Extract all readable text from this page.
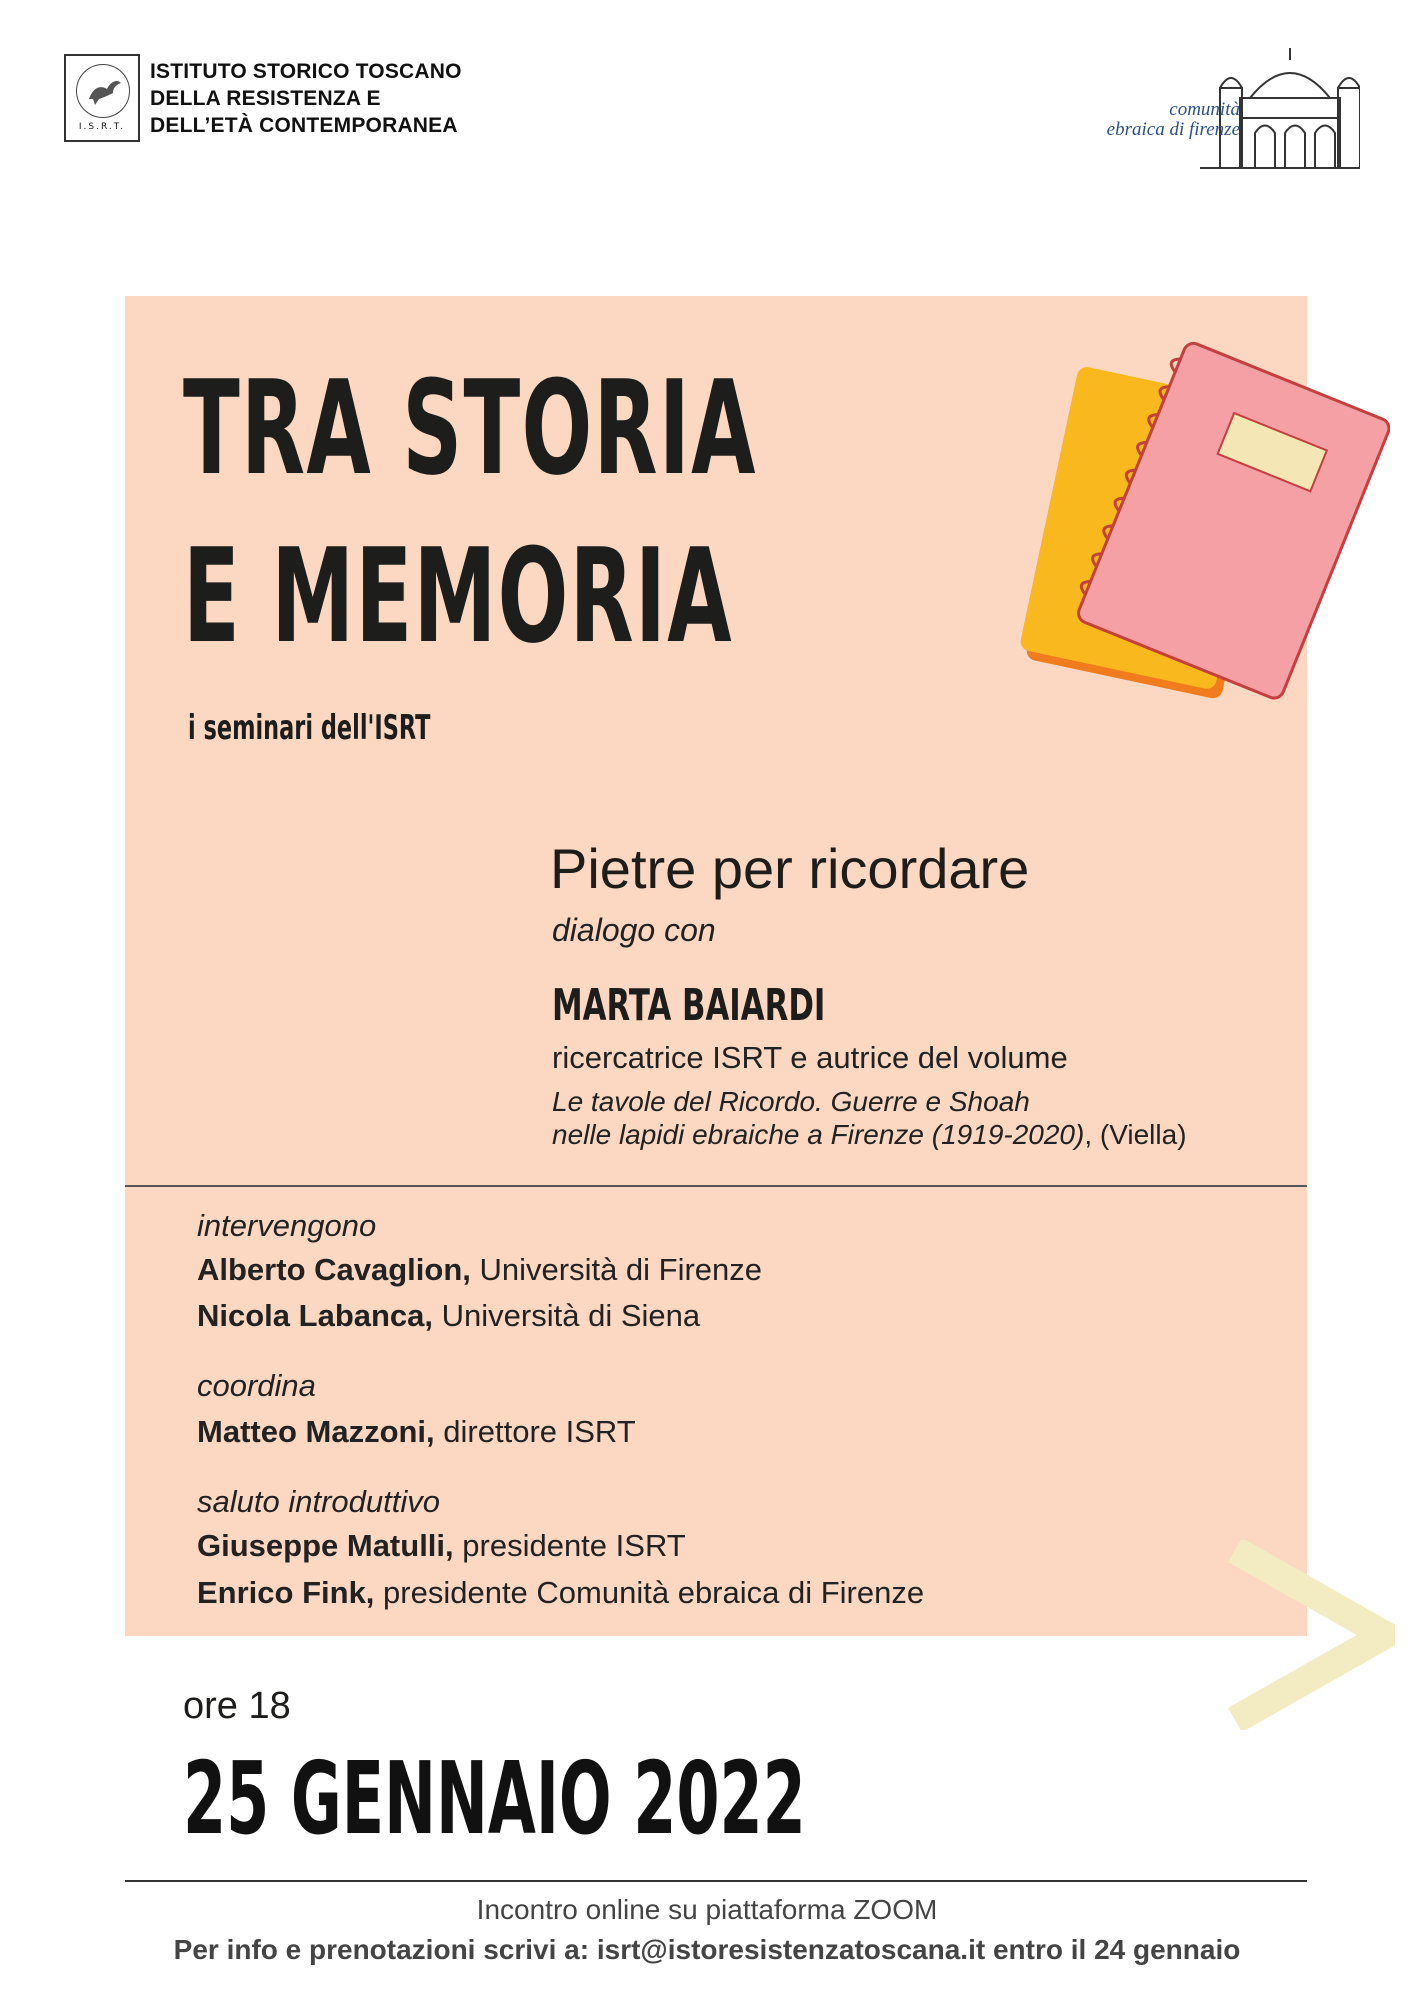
I.S.R.T.
ISTITUTO STORICO TOSCANO
DELLA RESISTENZA E
DELL’ETÀ CONTEMPORANEA
comunità
ebraica di firenze
TRA STORIA
E MEMORIA
i seminari dell'ISRT
Pietre per ricordare
dialogo con
MARTA BAIARDI
ricercatrice ISRT e autrice del volume
Le tavole del Ricordo. Guerre e Shoah
nelle lapidi ebraiche a Firenze (1919-2020), (Viella)
intervengono
Alberto Cavaglion, Università di Firenze
Nicola Labanca, Università di Siena
coordina
Matteo Mazzoni, direttore ISRT
saluto introduttivo
Giuseppe Matulli, presidente ISRT
Enrico Fink, presidente Comunità ebraica di Firenze
ore 18
25 GENNAIO 2022
Incontro online su piattaforma ZOOM
Per info e prenotazioni scrivi a: isrt@istoresistenzatoscana.it entro il 24 gennaio
